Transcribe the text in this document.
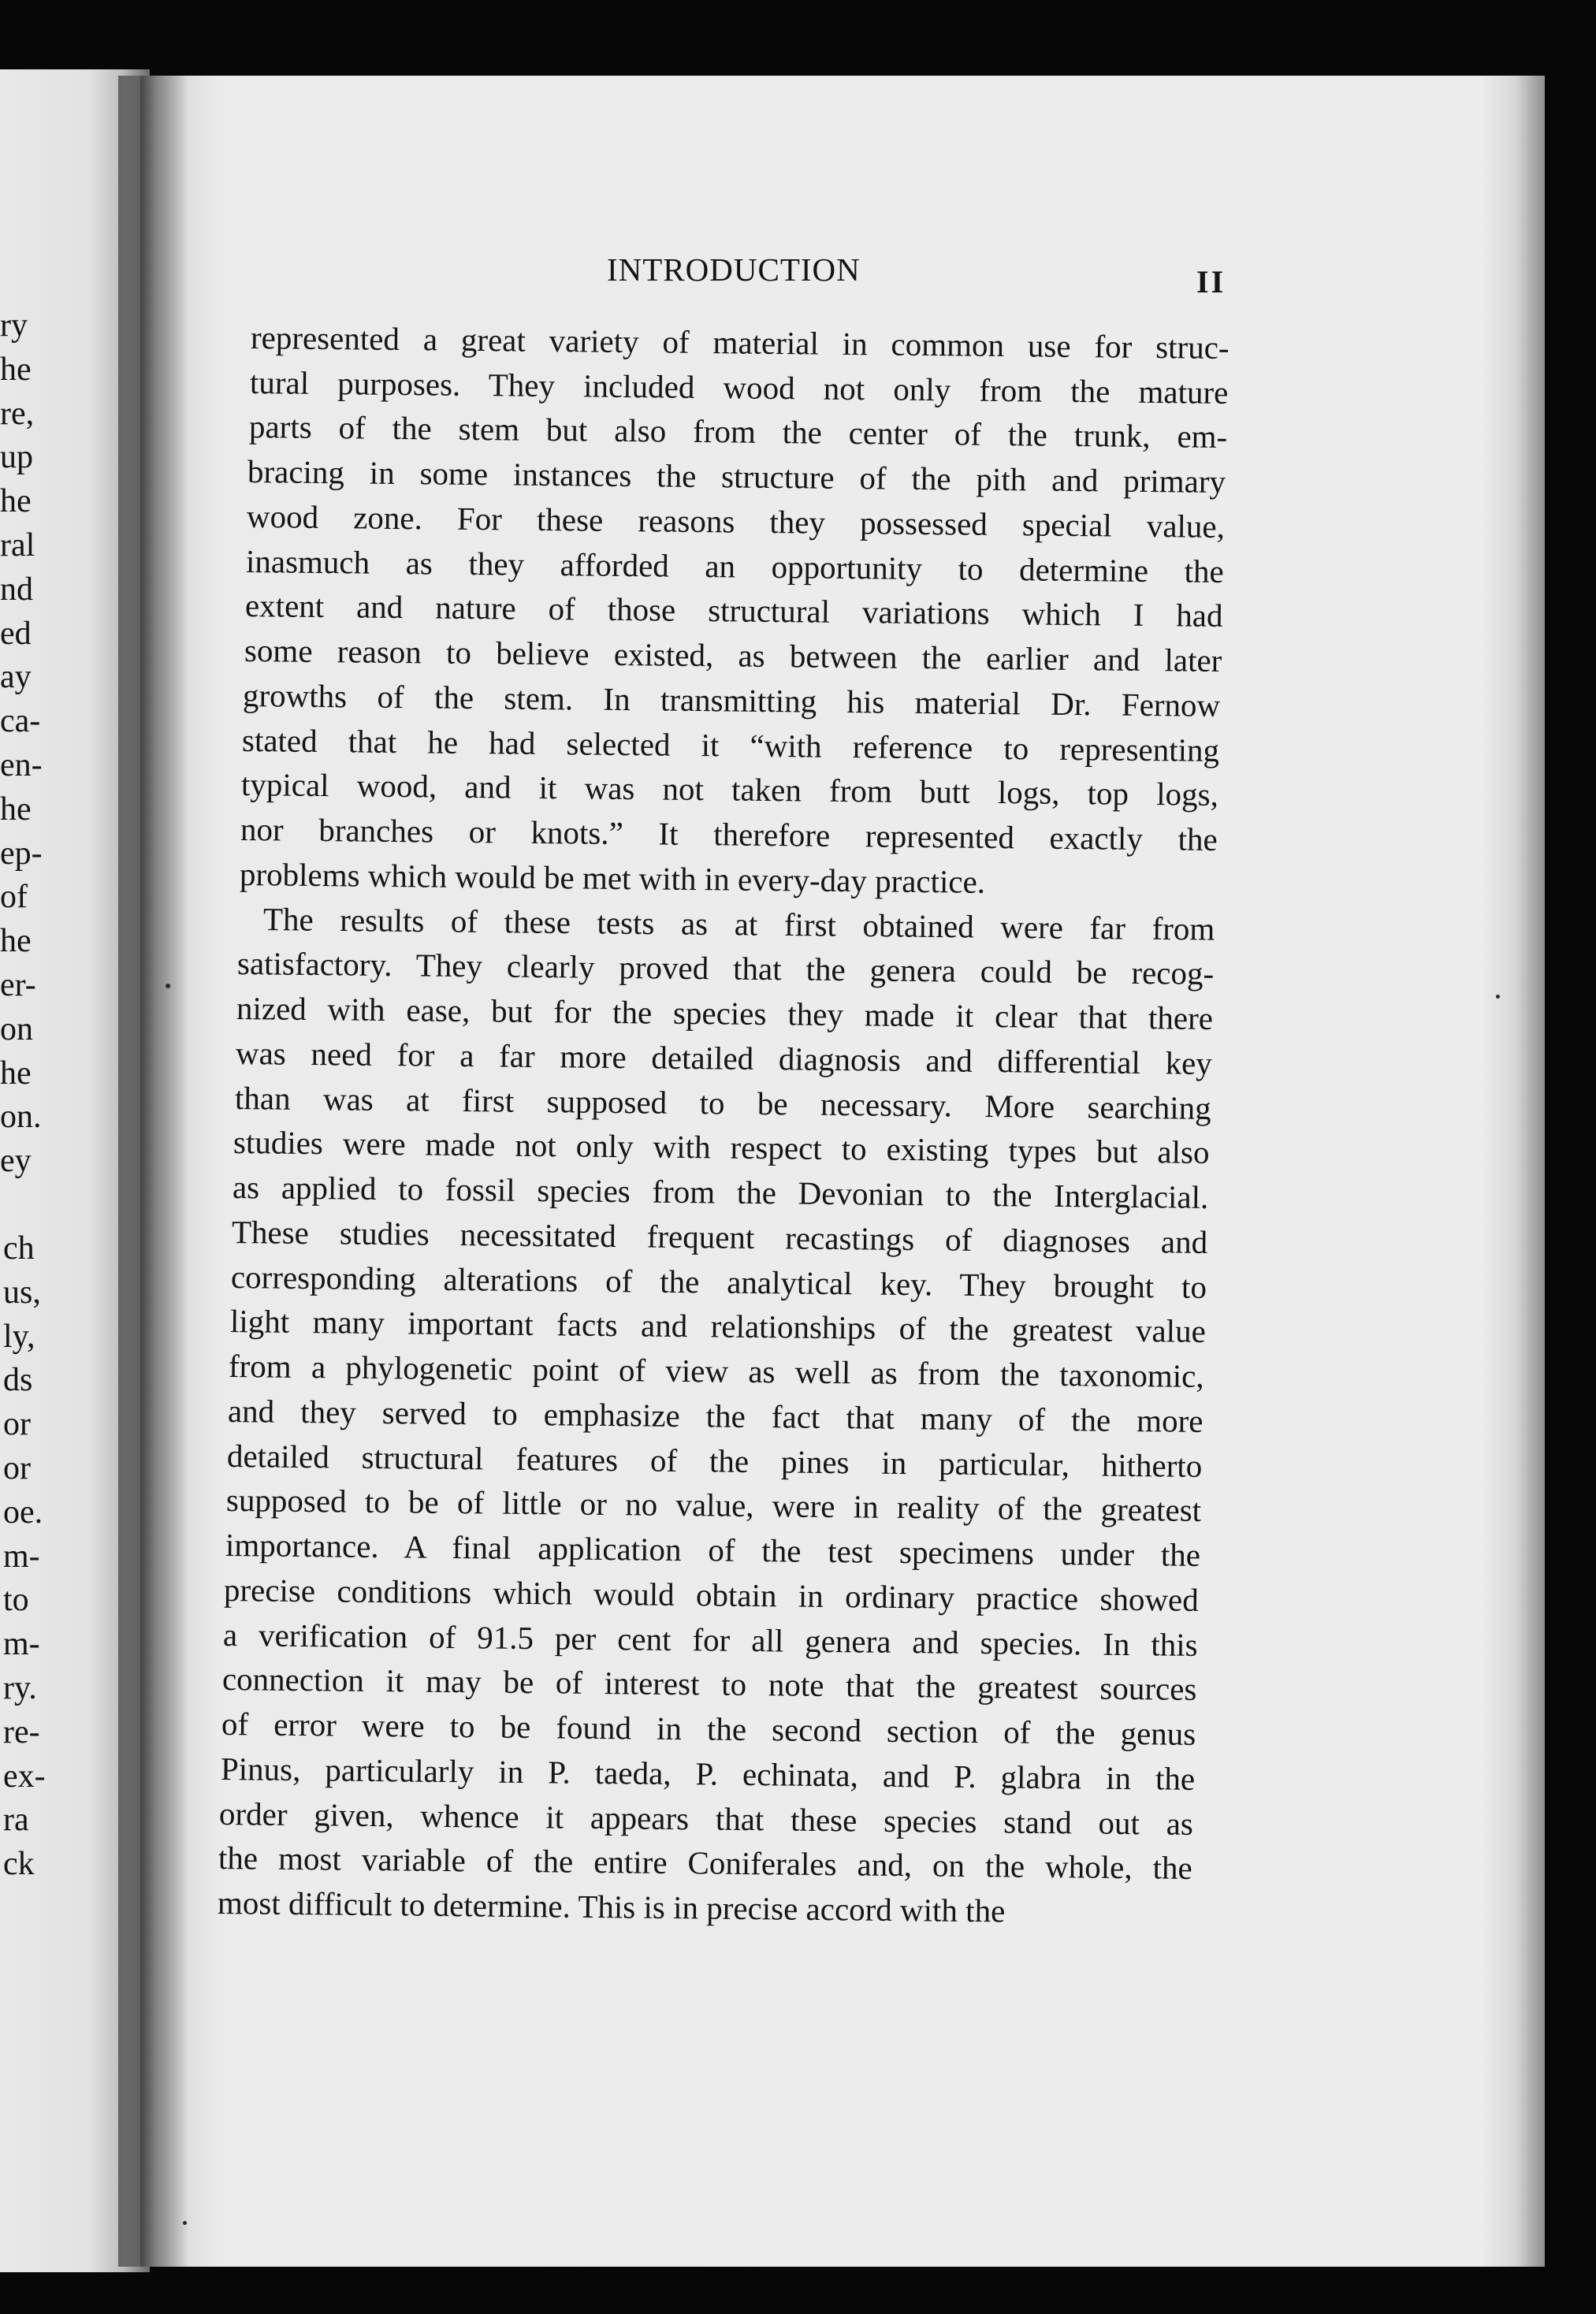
ry
he
re,
up
he
ral
nd
ed
ay
ca-
en-
he
ep-
of
he
er-
on
he
on.
ey
ch
us,
ly,
ds
or
or
oe.
m-
to
m-
ry.
re-
ex-
ra
ck
INTRODUCTION	II
represented a great variety of material in common use for struc-
tural purposes. They included wood not only from the mature
parts of the stem but also from the center of the trunk, em-
bracing in some instances the structure of the pith and primary
wood zone. For these reasons they possessed special value,
inasmuch as they afforded an opportunity to determine the
extent and nature of those structural variations which I had
some reason to believe existed, as between the earlier and later
growths of the stem. In transmitting his material Dr. Fernow
stated that he had selected it “with reference to representing
typical wood, and it was not taken from butt logs, top logs,
nor branches or knots.” It therefore represented exactly the
problems which would be met with in every-day practice.
The results of these tests as at first obtained were far from
satisfactory. They clearly proved that the genera could be recog-
nized with ease, but for the species they made it clear that there
was need for a far more detailed diagnosis and differential key
than was at first supposed to be necessary. More searching
studies were made not only with respect to existing types but also
as applied to fossil species from the Devonian to the Interglacial.
These studies necessitated frequent recastings of diagnoses and
corresponding alterations of the analytical key. They brought to
light many important facts and relationships of the greatest value
from a phylogenetic point of view as well as from the taxonomic,
and they served to emphasize the fact that many of the more
detailed structural features of the pines in particular, hitherto
supposed to be of little or no value, were in reality of the greatest
importance. A final application of the test specimens under the
precise conditions which would obtain in ordinary practice showed
a verification of 91.5 per cent for all genera and species. In this
connection it may be of interest to note that the greatest sources
of error were to be found in the second section of the genus
Pinus, particularly in P. taeda, P. echinata, and P. glabra in the
order given, whence it appears that these species stand out as
the most variable of the entire Coniferales and, on the whole, the
most difficult to determine. This is in precise accord with the
